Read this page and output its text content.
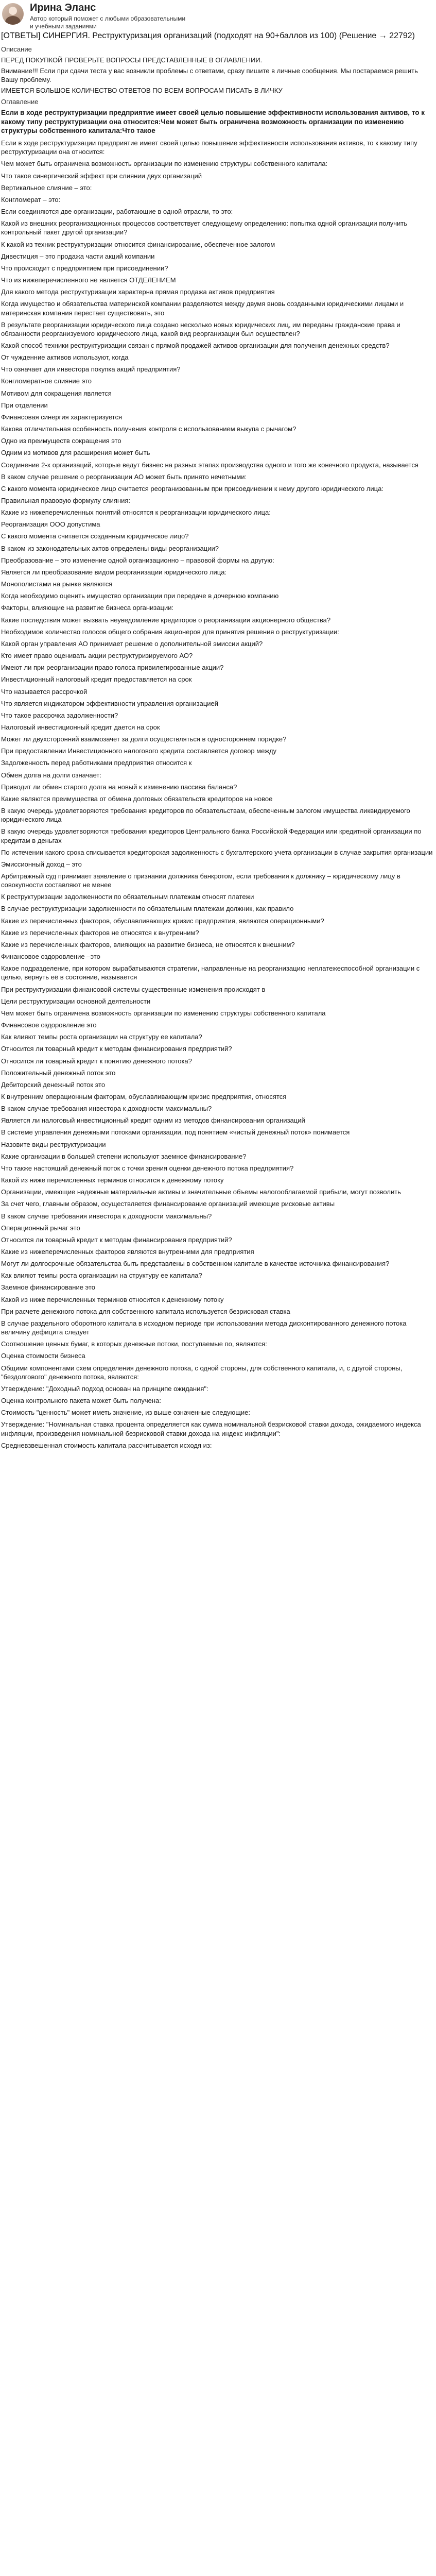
Ирина Эланс
Автор который поможет с любыми образовательными и учебными заданиями
[ОТВЕТЫ] СИНЕРГИЯ. Реструктуризация организаций (подходят на 90+баллов из 100) (Решение → 22792)
Описание

ПЕРЕД ПОКУПКОЙ ПРОВЕРЬТЕ ВОПРОСЫ ПРЕДСТАВЛЕННЫЕ В ОГЛАВЛЕНИИ.

Внимание!!! Если при сдачи теста у вас возникли проблемы с ответами, сразу пишите в личные сообщения. Мы постараемся решить Вашу проблему.

ИМЕЕТСЯ БОЛЬШОЕ КОЛИЧЕСТВО ОТВЕТОВ ПО ВСЕМ ВОПРОСАМ ПИСАТЬ В ЛИЧКУ

Оглавление

Если в ходе реструктуризации предприятие имеет своей целью повышение эффективности использования активов, то к какому типу реструктуризации она относится:Чем может быть ограничена возможность организации по изменению структуры собственного капитала:Что такое

Если в ходе реструктуризации предприятие имеет своей целью повышение эффективности использования активов, то к какому типу реструктуризации она относится:

Чем может быть ограничена возможность организации по изменению структуры собственного капитала:

Что такое синергический эффект при слиянии двух организаций

Вертикальное слияние – это:

Конгломерат – это:

Если соединяются две организации, работающие в одной отрасли, то это:

Какой из внешних реорганизационных процессов соответствует следующему определению: попытка одной организации получить контрольный пакет другой организации?

К какой из техник реструктуризации относится финансирование, обеспеченное залогом

Дивестиция – это продажа части акций компании

Что происходит с предприятием при присоединении?

Что из нижеперечисленного не является ОТДЕЛЕНИЕМ

Для какого метода реструктуризации характерна прямая продажа активов предприятия

Когда имущество и обязательства материнской компании разделяются между двумя вновь созданными юридическими лицами и материнская компания перестает существовать, это

В результате реорганизации юридического лица создано несколько новых юридических лиц, им переданы гражданские права и обязанности реорганизуемого юридического лица, какой вид реорганизации был осуществлен?

Какой способ техники реструктуризации связан с прямой продажей активов организации для получения денежных средств?

От чужденние активов используют, когда

Что означает для инвестора покупка акций предприятия?

Конгломератное слияние это

Мотивом для сокращения является

При отделении

Финансовая синергия характеризуется

Какова отличительная особенность получения контроля с использованием выкупа с рычагом?

Одно из преимуществ сокращения это

Одним из мотивов для расширения может быть

Соединение 2-х организаций, которые ведут бизнес на разных этапах производства одного и того же конечного продукта, называется

В каком случае решение о реорганизации АО может быть принято нечетными:

С какого момента юридическое лицо считается реорганизованным при присоединении к нему другого юридического лица:

Правильная правовую формулу слияния:

Какие из нижеперечисленных понятий относятся к реорганизации юридического лица:

Реорганизация ООО допустима

С какого момента считается созданным юридическое лицо?

В каком из законодательных актов определены виды реорганизации?

Преобразование – это изменение одной организационно – правовой формы на другую:

Является ли преобразование видом реорганизации юридического лица:

Монополистами на рынке являются

Когда необходимо оценить имущество организации при передаче в дочернюю компанию

Факторы, влияющие на развитие бизнеса организации:

Какие последствия может вызвать неуведомление кредиторов о реорганизации акционерного общества?

Необходимое количество голосов общего собрания акционеров для принятия решения о реструктуризации:

Какой орган управления АО принимает решение о дополнительной эмиссии акций?

Кто имеет право оценивать акции реструктуризируемого АО?

Имеют ли при реорганизации право голоса привилегированные акции?

Инвестиционный налоговый кредит предоставляется на срок

Что называется рассрочкой

Что является индикатором эффективности управления организацией

Что такое рассрочка задолженности?

Налоговый инвестиционный кредит дается на срок

Может ли двухсторонний взаимозачет за долги осуществляться в одностороннем порядке?

При предоставлении Инвестиционного налогового кредита составляется договор между

Задолженность перед работниками предприятия относится к

Обмен долга на долги означает:

Приводит ли обмен старого долга на новый к изменению пассива баланса?

Какие являются преимущества от обмена долговых обязательств кредиторов на новое

В какую очередь удовлетворяются требования кредиторов по обязательствам, обеспеченным залогом имущества ликвидируемого юридического лица

В какую очередь удовлетворяются требования кредиторов Центрального банка Российской Федерации или кредитной организации по кредитам в деньгах

По истечении какого срока списывается кредиторская задолженность с бухгалтерского учета организации в случае закрытия организации

Эмиссионный доход – это

Арбитражный суд принимает заявление о признании должника банкротом, если требования к должнику – юридическому лицу в совокупности составляют не менее

К реструктуризации задолженности по обязательным платежам относят платежи

В случае реструктуризации задолженности по обязательным платежам должник, как правило

Какие из перечисленных факторов, обуславливающих кризис предприятия, являются операционными?

Какие из перечисленных факторов не относятся к внутренним?

Какие из перечисленных факторов, влияющих на развитие бизнеса, не относятся к внешним?

Финансовое оздоровление –это

Какое подразделение, при котором вырабатываются стратегии, направленные на реорганизацию неплатежеспособной организации с целью, вернуть её в состояние, называется

При реструктуризации финансовой системы существенные изменения происходят в

Цели реструктуризации основной деятельности

Чем может быть ограничена возможность организации по изменению структуры собственного капитала

Финансовое оздоровление это

Как влияют темпы роста организации на структуру ее капитала?

Относится ли товарный кредит к методам финансирования предприятий?

Относится ли товарный кредит к понятию денежного потока?

Положительный денежный поток это

Дебиторский денежный поток это

К внутренним операционным факторам, обуславливающим кризис предприятия, относятся

В каком случае требования инвестора к доходности максимальны?

Является ли налоговый инвестиционный кредит одним из методов финансирования организаций

В системе управления денежными потоками организации, под понятием «чистый денежный поток» понимается

Назовите виды реструктуризации

Какие организации в большей степени используют заемное финансирование?

Что также настоящий денежный поток с точки зрения оценки денежного потока предприятия?

Какой из ниже перечисленных терминов относится к денежному потоку

Организации, имеющие надежные материальные активы и значительные объемы налогооблагаемой прибыли, могут позволить

За счет чего, главным образом, осуществляется финансирование организаций имеющие рисковые активы

В каком случае требования инвестора к доходности максимальны?

Операционный рычаг это

Относится ли товарный кредит к методам финансирования предприятий?

Какие из нижеперечисленных факторов являются внутренними для предприятия

Могут ли долгосрочные обязательства быть представлены в собственном капитале в качестве источника финансирования?

Как влияют темпы роста организации на структуру ее капитала?

Заемное финансирование это

Какой из ниже перечисленных терминов относится к денежному потоку

При расчете денежного потока для собственного капитала используется безрисковая ставка

В случае раздельного оборотного капитала в исходном периоде при использовании метода дисконтированного денежного потока величину дефицита следует

Соотношение ценных бумаг, в которых денежные потоки, поступаемые по, являются:

Оценка стоимости бизнеса

Общими компонентами схем определения денежного потока, с одной стороны, для собственного капитала, и, с другой стороны, "бездолгового" денежного потока, являются:

Утверждение: "Доходный подход основан на принципе ожидания":

Оценка контрольного пакета может быть получена:

Стоимость "ценность" может иметь значение, из выше означенные следующие:

Утверждение: "Номинальная ставка процента определяется как сумма номинальной безрисковой ставки дохода, ожидаемого индекса инфляции, произведения номинальной безрисковой ставки дохода на индекс инфляции":

Средневзвешенная стоимость капитала рассчитывается исходя из:
